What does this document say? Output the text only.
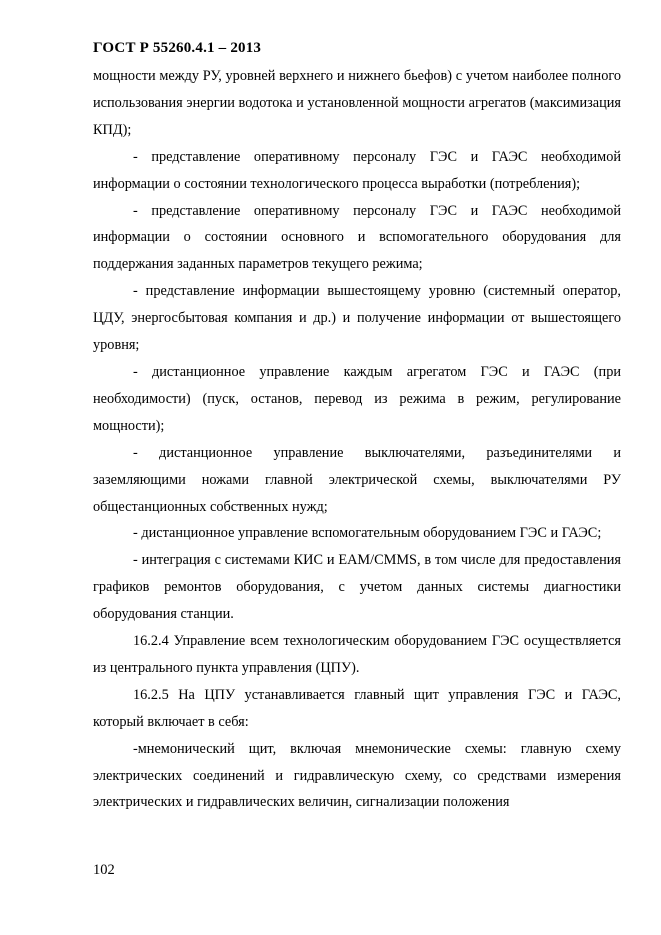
ГОСТ Р 55260.4.1 – 2013

мощности между РУ, уровней верхнего и нижнего бьефов) с учетом наиболее полного использования энергии водотока и установленной мощности агрегатов (максимизация КПД);

- представление оперативному персоналу ГЭС и ГАЭС необходимой информации о состоянии технологического процесса выработки (потребления);

- представление оперативному персоналу ГЭС и ГАЭС необходимой информации о состоянии основного и вспомогательного оборудования для поддержания заданных параметров текущего режима;

- представление информации вышестоящему уровню (системный оператор, ЦДУ, энергосбытовая компания и др.) и получение информации от вышестоящего уровня;

- дистанционное управление каждым агрегатом ГЭС и ГАЭС (при необходимости) (пуск, останов, перевод из режима в режим, регулирование мощности);

- дистанционное управление выключателями, разъединителями и заземляющими ножами главной электрической схемы, выключателями РУ общестанционных собственных нужд;

- дистанционное управление вспомогательным оборудованием ГЭС и ГАЭС;

- интеграция с системами КИС и EAM/CMMS, в том числе для предоставления графиков ремонтов оборудования, с учетом данных системы диагностики оборудования станции.

16.2.4 Управление всем технологическим оборудованием ГЭС осуществляется из центрального пункта управления (ЦПУ).

16.2.5 На ЦПУ устанавливается главный щит управления ГЭС и ГАЭС, который включает в себя:

-мнемонический щит, включая мнемонические схемы: главную схему электрических соединений и гидравлическую схему, со средствами измерения электрических и гидравлических величин, сигнализации положения

102
